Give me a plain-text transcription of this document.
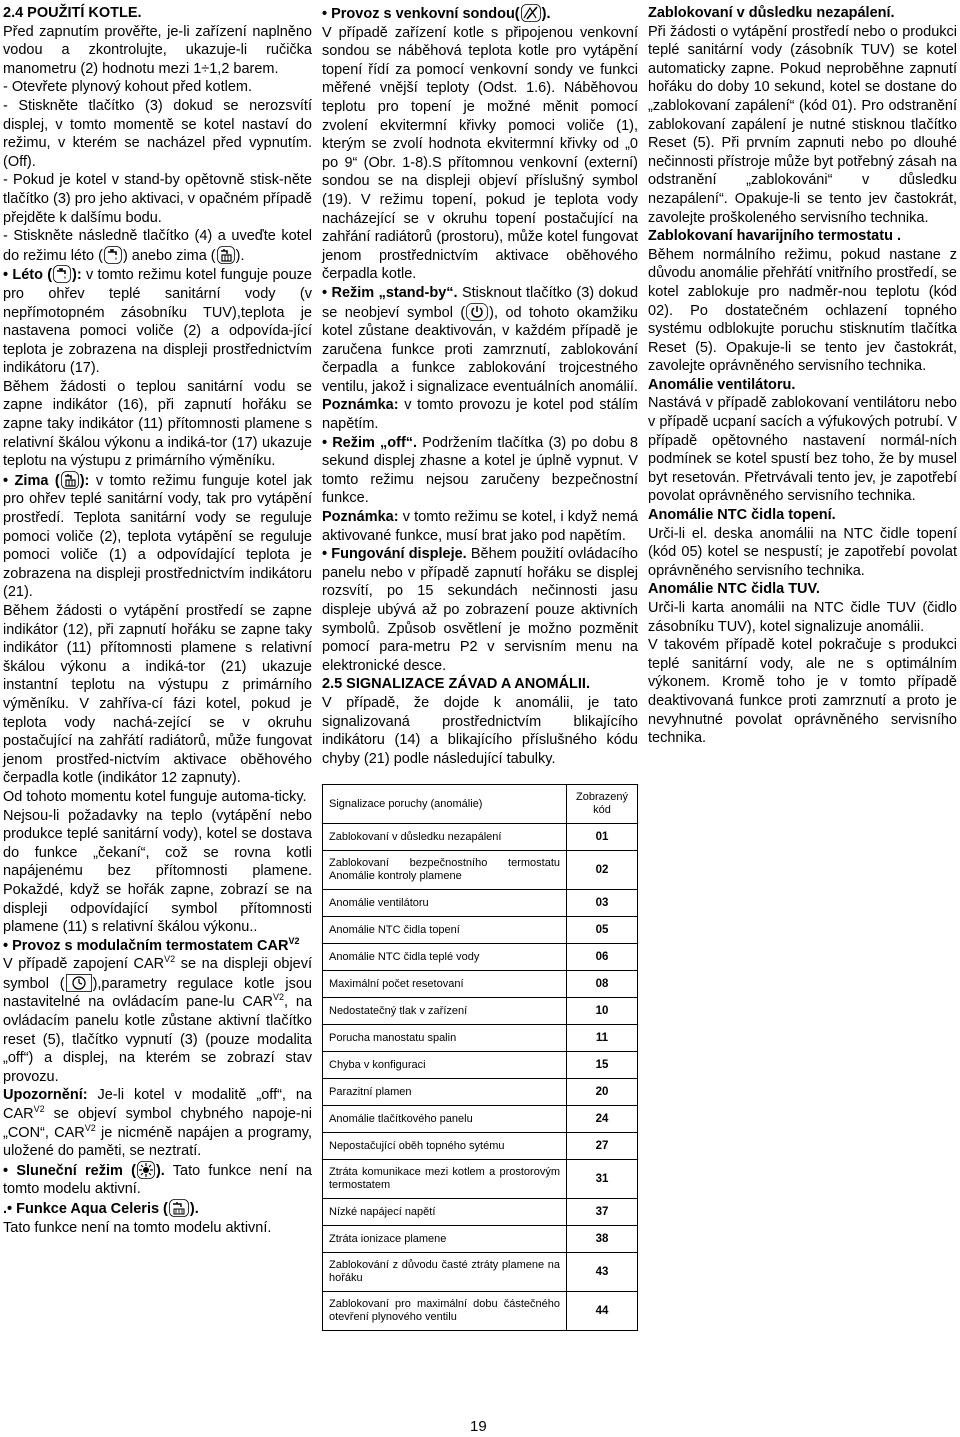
2.4 POUŽITÍ KOTLE.

Před zapnutím prověřte, je-li zařízení naplněno vodou a zkontrolujte, ukazuje-li ručička manometru (2) hodnotu mezi 1÷1,2 barem.

- Otevřete plynový kohout před kotlem.

- Stiskněte tlačítko (3) dokud se nerozsvítí displej, v tomto momentě se kotel nastaví do režimu, v kterém se nacházel před vypnutím.(Off).

- Pokud je kotel v stand-by opětovně stisk-něte tlačítko (3) pro jeho aktivaci, v opačném případě přejděte k dalšímu bodu.

- Stiskněte následně tlačítko (4) a uveďte kotel do režimu léto ( ) anebo zima ( ).

• Léto ( ): v tomto režimu kotel funguje pouze pro ohřev teplé sanitární vody (v nepřímotopném zásobníku TUV),teplota je nastavena pomoci voliče (2) a odpovída-jící teplota je zobrazena na displeji prostřednictvím indikátoru (17).

Během žádosti o teplou sanitární vodu se zapne indikátor (16), při zapnutí hořáku se zapne taky indikátor (11) přítomnosti plamene s relativní škálou výkonu a indiká-tor (17) ukazuje teplotu na výstupu z primárního výměníku.

• Zima ( ): v tomto režimu funguje kotel jak pro ohřev teplé sanitární vody, tak pro vytápění prostředí. Teplota sanitární vody se reguluje pomoci voliče (2), teplota vytápění se reguluje pomoci voliče (1) a odpovídající teplota je zobrazena na displeji prostřednictvím indikátoru (21).

Během žádosti o vytápění prostředí se zapne indikátor (12), při zapnutí hořáku se zapne taky indikátor (11) přítomnosti plamene s relativní škálou výkonu a indiká-tor (21) ukazuje instantní teplotu na výstupu z primárního výměníku. V zahříva-cí fázi kotel, pokud je teplota vody nachá-zející se v okruhu postačující na zahřátí radiátorů, může fungovat jenom prostřed-nictvím aktivace oběhového čerpadla kotle (indikátor 12 zapnuty).

Od tohoto momentu kotel funguje automa-ticky.

Nejsou-li požadavky na teplo (vytápění nebo produkce teplé sanitární vody), kotel se dostava do funkce „čekaní“, což se rovna kotli napájenému bez přítomnosti plamene. Pokaždé, když se hořák zapne, zobrazí se na displeji odpovídající symbol přítomnosti plamene (11) s relativní škálou výkonu..

• Provoz s modulačním termostatem $CAR^{V2}$

V případě zapojení $CAR^{V2}$ se na displeji objeví symbol ( ),parametry regulace kotle jsou nastavitelné na ovládacím pane-lu $CAR^{V2}$, na ovládacím panelu kotle zůstane aktivní tlačítko reset (5), tlačítko vypnutí (3) (pouze modalita „off“) a displej, na kterém se zobrazí stav provozu.

Upozornění: Je-li kotel v modalitě „off“, na $CAR^{V2}$ se objeví symbol chybného napoje-ni „CON“, $CAR^{V2}$ je nicméně napájen a programy, uložené do paměti, se neztratí.

• Sluneční režim ( ). Tato funkce není na tomto modelu aktivní.

.• Funkce Aqua Celeris ( ).

Tato funkce není na tomto modelu aktivní.

• Provoz s venkovní sondou( ).

V případě zařízení kotle s připojenou venkovní sondou se náběhová teplota kotle pro vytápění topení řídí za pomocí venkovní sondy ve funkci měřené vnější teploty (Odst. 1.6). Náběhovou teplotu pro topení je možné měnit pomocí zvolení ekvitermní křivky pomoci voliče (1), kterým se zvolí hodnota ekvitermní křivky od „0 po 9“ (Obr. 1-8).S přítomnou venkovní (externí) sondou se na displeji objeví příslušný symbol (19). V režimu topení, pokud je teplota vody nacházející se v okruhu topení postačující na zahřání radiátorů (prostoru), může kotel fungovat jenom prostřednictvím aktivace oběhového čerpadla kotle.

• Režim „stand-by“. Stisknout tlačítko (3) dokud se neobjeví symbol ( ), od tohoto okamžiku kotel zůstane deaktivován, v každém případě je zaručena funkce proti zamrznutí, zablokování čerpadla a funkce zablokování trojcestného ventilu, jakož i signalizace eventuálních anomálií.

Poznámka: v tomto provozu je kotel pod stálím napětím.

• Režim „off“. Podržením tlačítka (3) po dobu 8 sekund displej zhasne a kotel je úplně vypnut. V tomto režimu nejsou zaručeny bezpečnostní funkce.

Poznámka: v tomto režimu se kotel, i když nemá aktivované funkce, musí brat jako pod napětím.

• Fungování displeje. Během použití ovládacího panelu nebo v případě zapnutí hořáku se displej rozsvítí, po 15 sekundách nečinnosti jasu displeje ubývá až po zobrazení pouze aktivních symbolů. Způsob osvětlení je možno pozměnit pomocí para-metru P2 v servisním menu na elektronické desce.

2.5 SIGNALIZACE ZÁVAD A ANOMÁLII.

V případě, že dojde k anomálii, je tato signalizovaná prostřednictvím blikajícího indikátoru (14) a blikajícího příslušného kódu chyby (21) podle následující tabulky.

Signalizace poruchy (anomálie)	Zobrazený kód
Zablokovaní v důsledku nezapálení	01
Zablokovaní bezpečnostního termostatu Anomálie kontroly plamene	02
Anomálie ventilátoru	03
Anomálie NTC čidla topení	05
Anomálie NTC čidla teplé vody	06
Maximální počet resetovaní	08
Nedostatečný tlak v zařízení	10
Porucha manostatu spalin	11
Chyba v konfiguraci	15
Parazitní plamen	20
Anomálie tlačítkového panelu	24
Nepostačující oběh topného sytému	27
Ztráta komunikace mezi kotlem a prostorovým termostatem	31
Nízké napájecí napětí	37
Ztráta ionizace plamene	38
Zablokování z důvodu časté ztráty plamene na hořáku	43
Zablokovaní pro maximální dobu částečného otevření plynového ventilu	44

Zablokovaní v důsledku nezapálení.

Při žádosti o vytápění prostředí nebo o produkci teplé sanitární vody (zásobník TUV) se kotel automaticky zapne. Pokud neproběhne zapnutí hořáku do doby 10 sekund, kotel se dostane do „zablokovaní zapálení“ (kód 01). Pro odstranění zablokovaní zapálení je nutné stisknou tlačítko Reset (5). Při prvním zapnuti nebo po dlouhé nečinnosti přístroje může byt potřebný zásah na odstranění „zablokováni“ v důsledku nezapálení“. Opakuje-li se tento jev častokrát, zavolejte proškoleného servisního technika.

Zablokovaní havarijního termostatu .

Během normálního režimu, pokud nastane z důvodu anomálie přehřátí vnitřního prostředí, se kotel zablokuje pro nadměr-nou teplotu (kód 02). Po dostatečném ochlazení topného systému odblokujte poruchu stisknutím tlačítka Reset (5). Opakuje-li se tento jev častokrát, zavolejte oprávněného servisního technika.

Anomálie ventilátoru.

Nastává v případě zablokovaní ventilátoru nebo v případě ucpaní sacích a výfukových potrubí. V případě opětovného nastavení normál-ních podmínek se kotel spustí bez toho, že by musel byt resetován. Přetrvávali tento jev, je zapotřebí povolat oprávněného servisního technika.

Anomálie NTC čidla topení.

Urči-li el. deska anomálii na NTC čidle topení (kód 05) kotel se nespustí; je zapotřebí povolat oprávněného servisního technika.

Anomálie NTC čidla TUV.

Urči-li karta anomálii na NTC čidle TUV (čidlo zásobníku TUV), kotel signalizuje anomálii.

V takovém případě kotel pokračuje s produkci teplé sanitární vody, ale ne s optimálním výkonem. Kromě toho je v tomto případě deaktivovaná funkce proti zamrznutí a proto je nevyhnutné povolat oprávněného servisního technika.

19
